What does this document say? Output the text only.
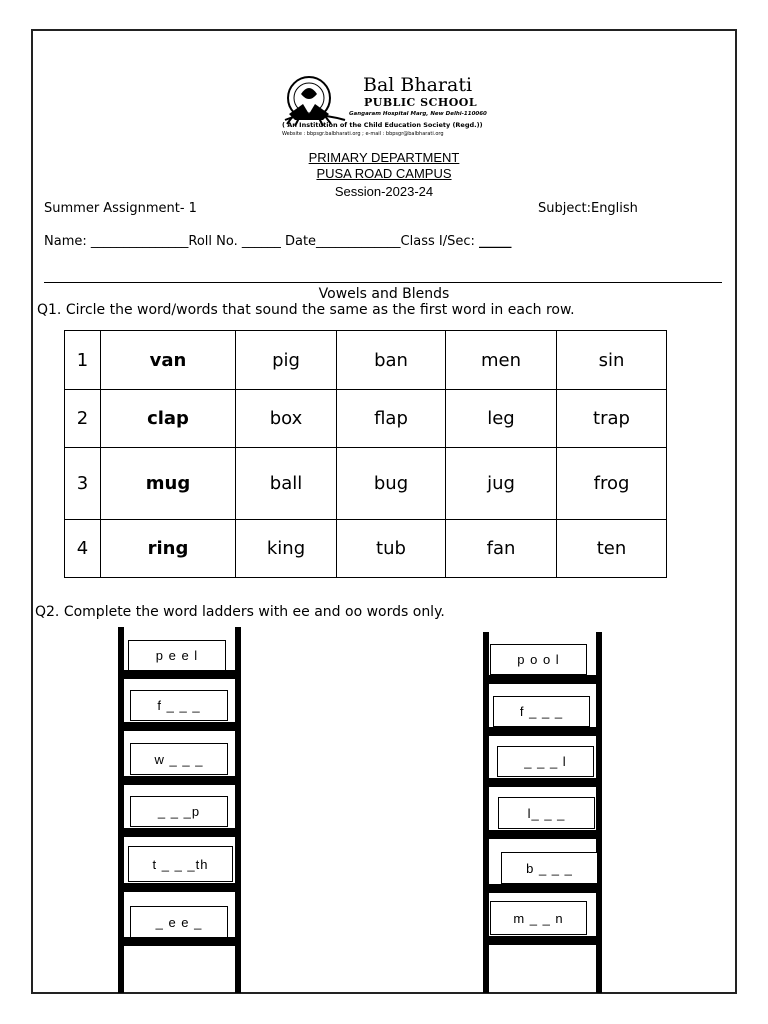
Bal Bharati
PUBLIC SCHOOL
Gangaram Hospital Marg, New Delhi-110060
( An Institution of the Child Education Society (Regd.))
Website : bbpsgr.balbharati.org ; e-mail : bbpsgr@balbharati.org
PRIMARY DEPARTMENT
PUSA ROAD CAMPUS
Session-2023-24
Summer Assignment- 1	Subject:English
Name: _______________Roll No. ______ Date_____________Class I/Sec: _____
Vowels and Blends
Q1. Circle the word/words that sound the same as the first word in each row.
1	van	pig	ban	men	sin
2	clap	box	flap	leg	trap
3	mug	ball	bug	jug	frog
4	ring	king	tub	fan	ten
Q2. Complete the word ladders with ee and oo words only.
p e e l
f _ _ _
w _ _ _
_ _ _p
t _ _ _th
_ e e _
p o o l
f _ _ _
_ _ _ l
l_ _ _
b _ _ _
m _ _ n
